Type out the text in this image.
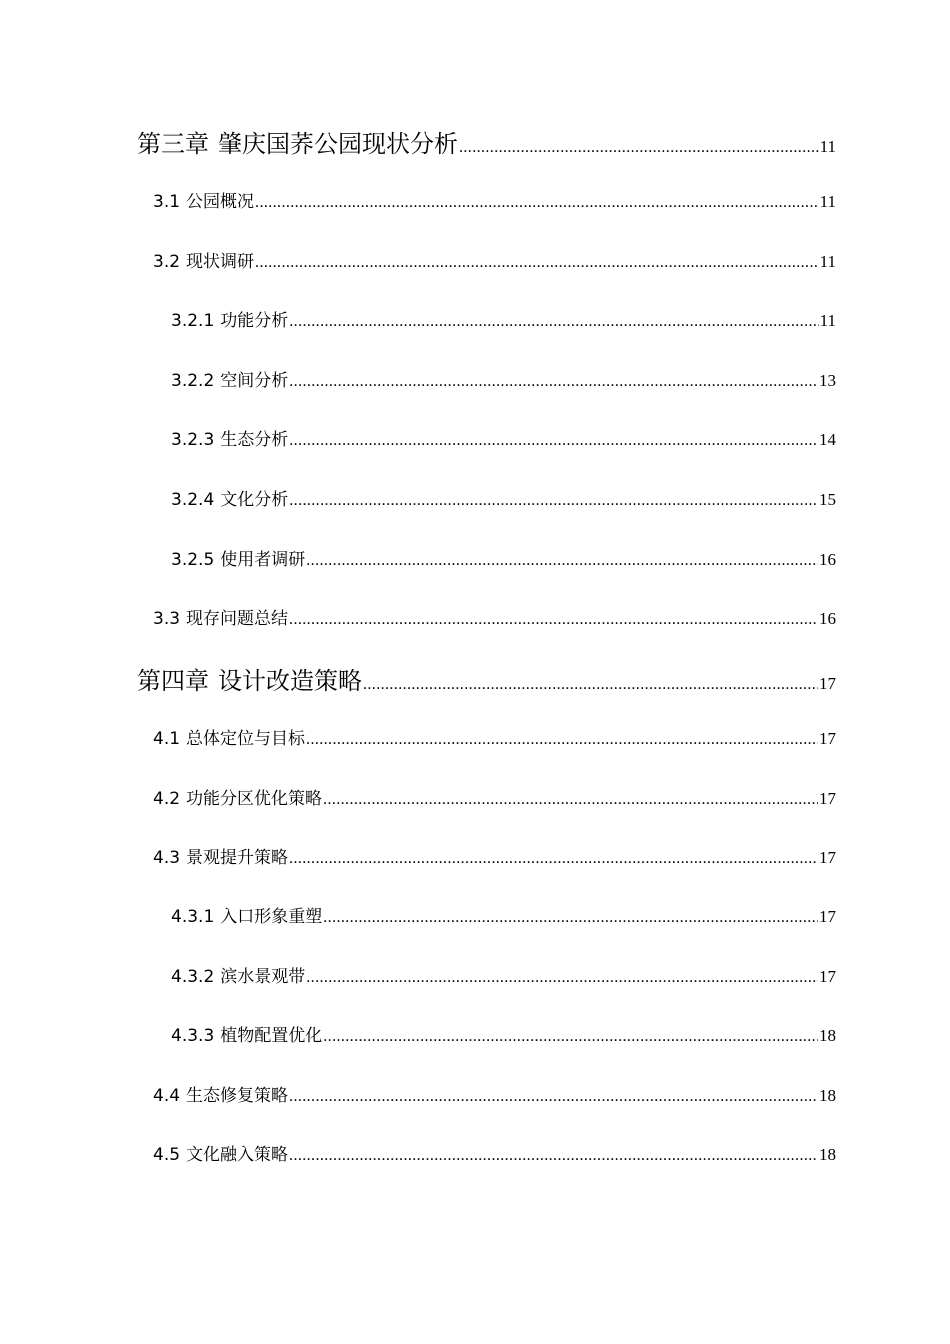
第三章 肇庆国荞公园现状分析 .....	11
3.1 公园概况 .....	11
3.2 现状调研 .....	11
3.2.1 功能分析 .....	11
3.2.2 空间分析 .....	13
3.2.3 生态分析 .....	14
3.2.4 文化分析 .....	15
3.2.5 使用者调研 .....	16
3.3 现存问题总结 .....	16
第四章 设计改造策略 .....	17
4.1 总体定位与目标 .....	17
4.2 功能分区优化策略 .....	17
4.3 景观提升策略 .....	17
4.3.1 入口形象重塑 .....	17
4.3.2 滨水景观带 .....	17
4.3.3 植物配置优化 .....	18
4.4 生态修复策略 .....	18
4.5 文化融入策略 .....	18
